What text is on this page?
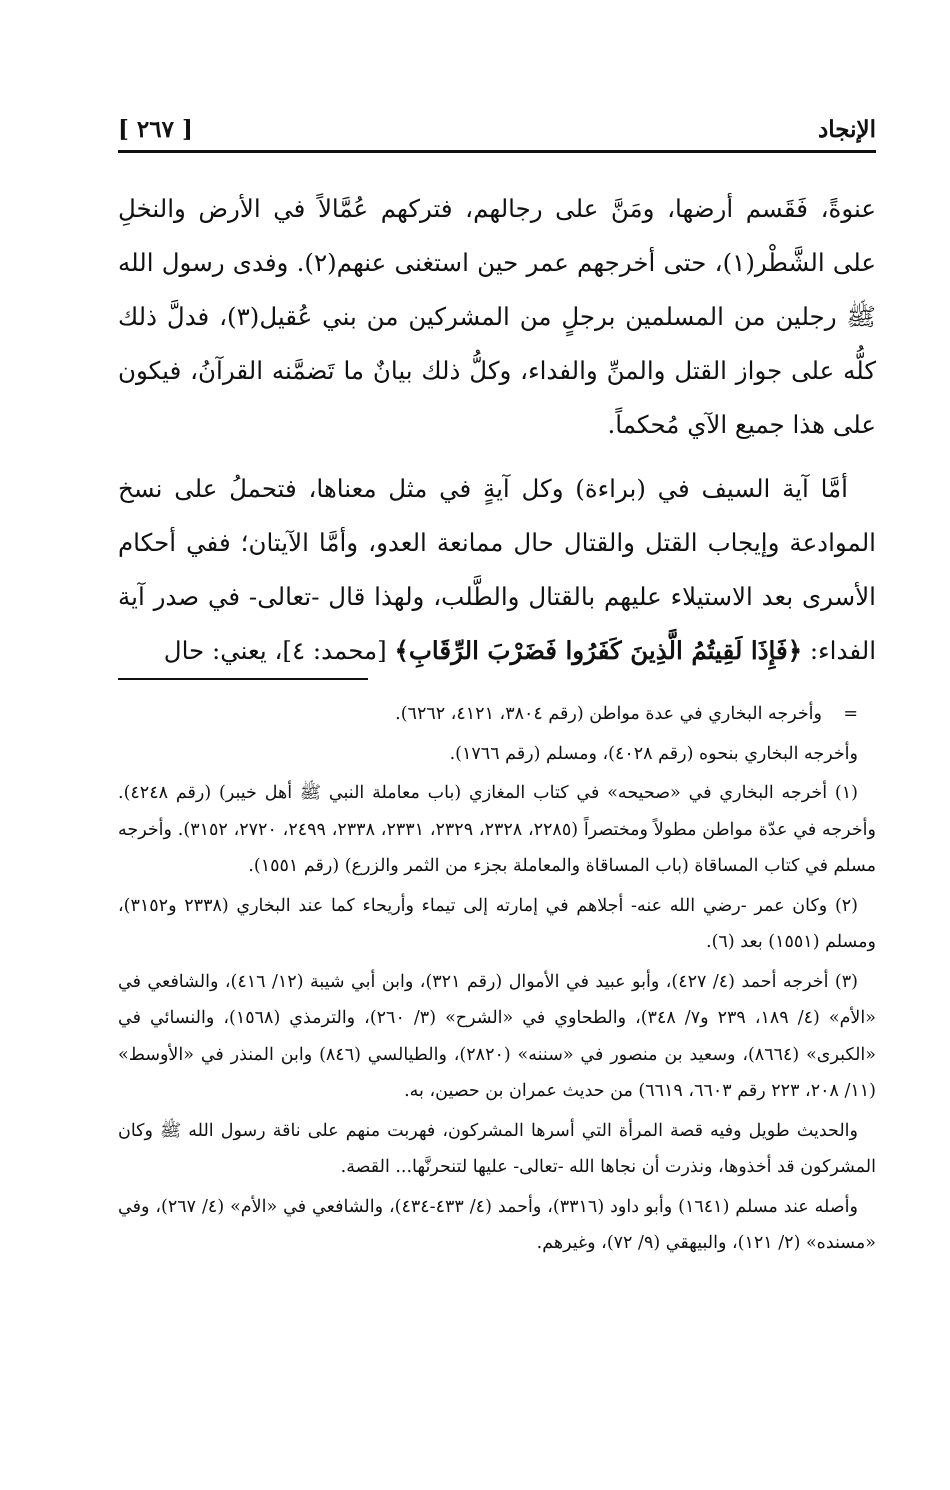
الإنجاد
[ ٢٦٧ ]

عنوةً، فَقَسم أرضها، ومَنَّ على رجالهم، فتركهم عُمَّالاً في الأرض والنخلِ على الشَّطْر(١)، حتى أخرجهم عمر حين استغنى عنهم(٢). وفدى رسول الله ﷺ رجلين من المسلمين برجلٍ من المشركين من بني عُقيل(٣)، فدلَّ ذلك كلُّه على جواز القتل والمنِّ والفداء، وكلُّ ذلك بيانٌ ما تَضمَّنه القرآنُ، فيكون على هذا جميع الآي مُحكماً.

أمَّا آية السيف في (براءة) وكل آيةٍ في مثل معناها، فتحملُ على نسخ الموادعة وإيجاب القتل والقتال حال ممانعة العدو، وأمَّا الآيتان؛ ففي أحكام الأسرى بعد الاستيلاء عليهم بالقتال والطَّلب، ولهذا قال -تعالى- في صدر آية الفداء: ﴿فَإِذَا لَقِيتُمُ الَّذِينَ كَفَرُوا فَضَرْبَ الرِّقَابِ﴾ [محمد: ٤]، يعني: حال

=وأخرجه البخاري في عدة مواطن (رقم ٣٨٠٤، ٤١٢١، ٦٢٦٢).

وأخرجه البخاري بنحوه (رقم ٤٠٢٨)، ومسلم (رقم ١٧٦٦).

(١) أخرجه البخاري في «صحيحه» في كتاب المغازي (باب معاملة النبي ﷺ أهل خيبر) (رقم ٤٢٤٨). وأخرجه في عدّة مواطن مطولاً ومختصراً (٢٢٨٥، ٢٣٢٨، ٢٣٢٩، ٢٣٣١، ٢٣٣٨، ٢٤٩٩، ٢٧٢٠، ٣١٥٢). وأخرجه مسلم في كتاب المساقاة (باب المساقاة والمعاملة بجزء من الثمر والزرع) (رقم ١٥٥١).

(٢) وكان عمر -رضي الله عنه- أجلاهم في إمارته إلى تيماء وأريحاء كما عند البخاري (٢٣٣٨ و٣١٥٢)، ومسلم (١٥٥١) بعد (٦).

(٣) أخرجه أحمد (٤/ ٤٢٧)، وأبو عبيد في الأموال (رقم ٣٢١)، وابن أبي شيبة (١٢/ ٤١٦)، والشافعي في «الأم» (٤/ ١٨٩، ٢٣٩ و٧/ ٣٤٨)، والطحاوي في «الشرح» (٣/ ٢٦٠)، والترمذي (١٥٦٨)، والنسائي في «الكبرى» (٨٦٦٤)، وسعيد بن منصور في «سننه» (٢٨٢٠)، والطيالسي (٨٤٦) وابن المنذر في «الأوسط» (١١/ ٢٠٨، ٢٢٣ رقم ٦٦٠٣، ٦٦١٩) من حديث عمران بن حصين، به.

والحديث طويل وفيه قصة المرأة التي أسرها المشركون، فهربت منهم على ناقة رسول الله ﷺ وكان المشركون قد أخذوها، ونذرت أن نجاها الله -تعالى- عليها لتنحرنَّها... القصة.

وأصله عند مسلم (١٦٤١) وأبو داود (٣٣١٦)، وأحمد (٤/ ٤٣٣-٤٣٤)، والشافعي في «الأم» (٤/ ٢٦٧)، وفي «مسنده» (٢/ ١٢١)، والبيهقي (٩/ ٧٢)، وغيرهم.
